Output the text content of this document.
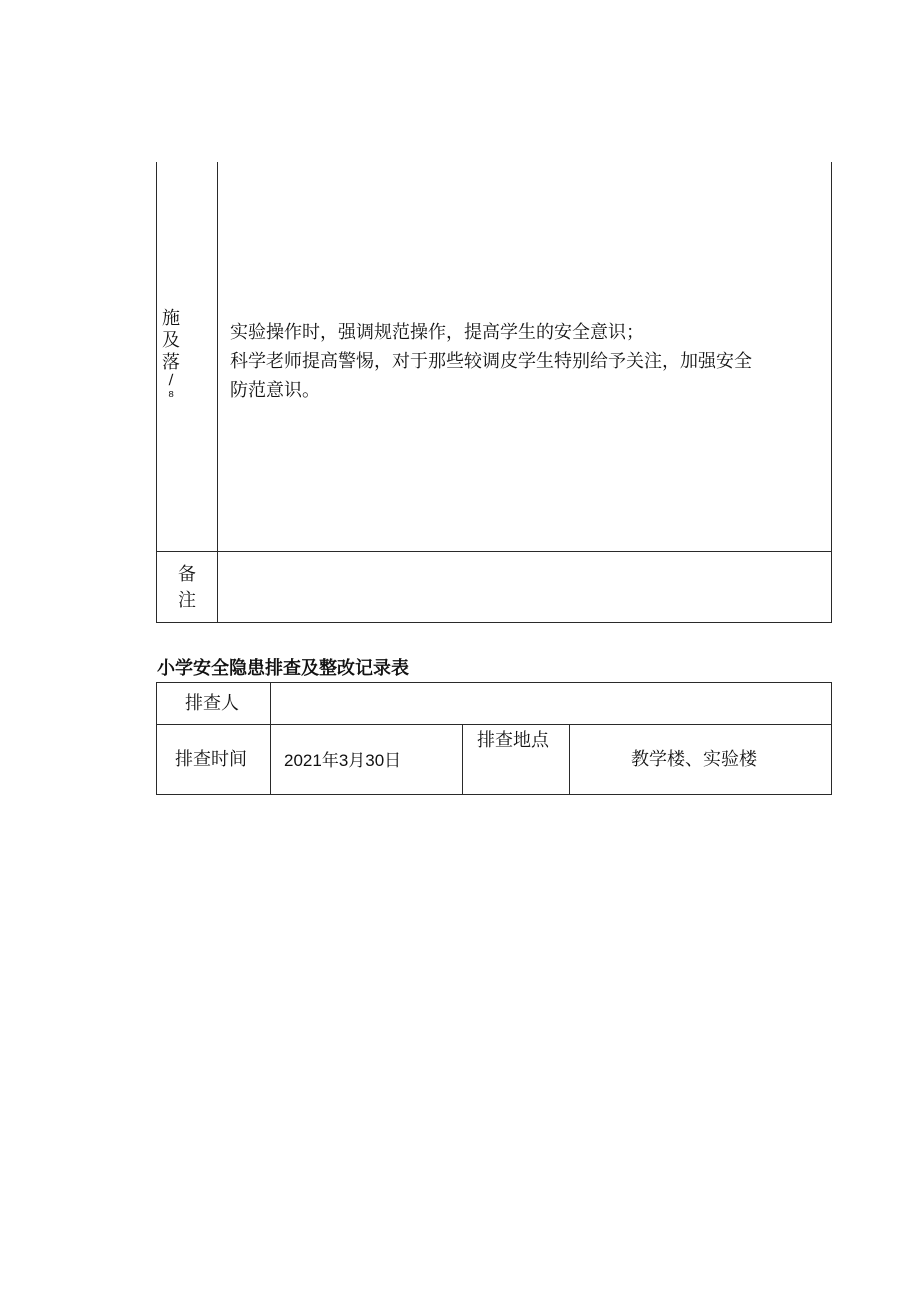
施
及
落
∕
₈
实验操作时，强调规范操作，提高学生的安全意识；
科学老师提高警惕，对于那些较调皮学生特别给予关注，加强安全
防范意识。
备
注
小学安全隐患排查及整改记录表
排查人
排查时间 2021年3月30日
排查地点
教学楼、实验楼
